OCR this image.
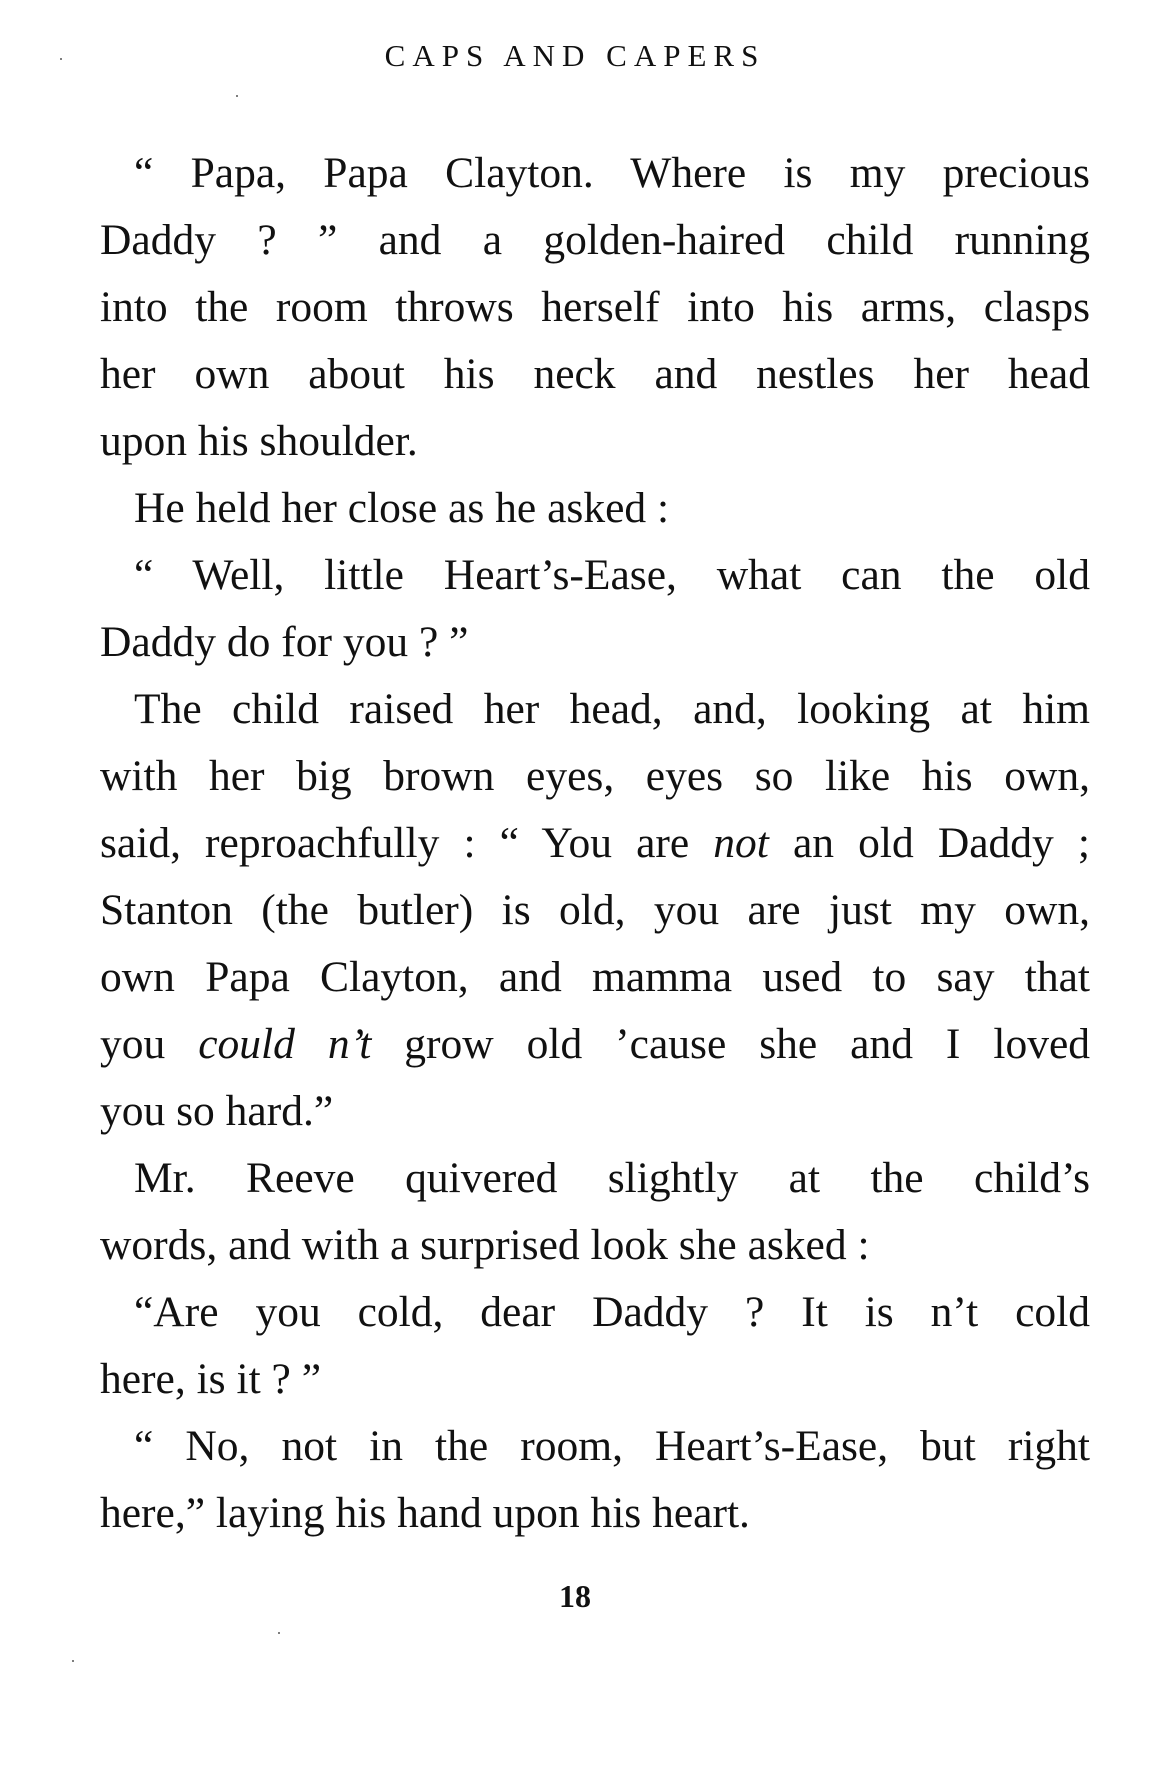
CAPS AND CAPERS
“ Papa, Papa Clayton. Where is my precious
Daddy ? ” and a golden-haired child running
into the room throws herself into his arms, clasps
her own about his neck and nestles her head
upon his shoulder.
He held her close as he asked :
“ Well, little Heart’s-Ease, what can the old
Daddy do for you ? ”
The child raised her head, and, looking at him
with her big brown eyes, eyes so like his own,
said, reproachfully : “ You are not an old Daddy ;
Stanton (the butler) is old, you are just my own,
own Papa Clayton, and mamma used to say that
you could n’t grow old ’cause she and I loved
you so hard.”
Mr. Reeve quivered slightly at the child’s
words, and with a surprised look she asked :
“Are you cold, dear Daddy ? It is n’t cold
here, is it ? ”
“ No, not in the room, Heart’s-Ease, but right
here,” laying his hand upon his heart.
18
